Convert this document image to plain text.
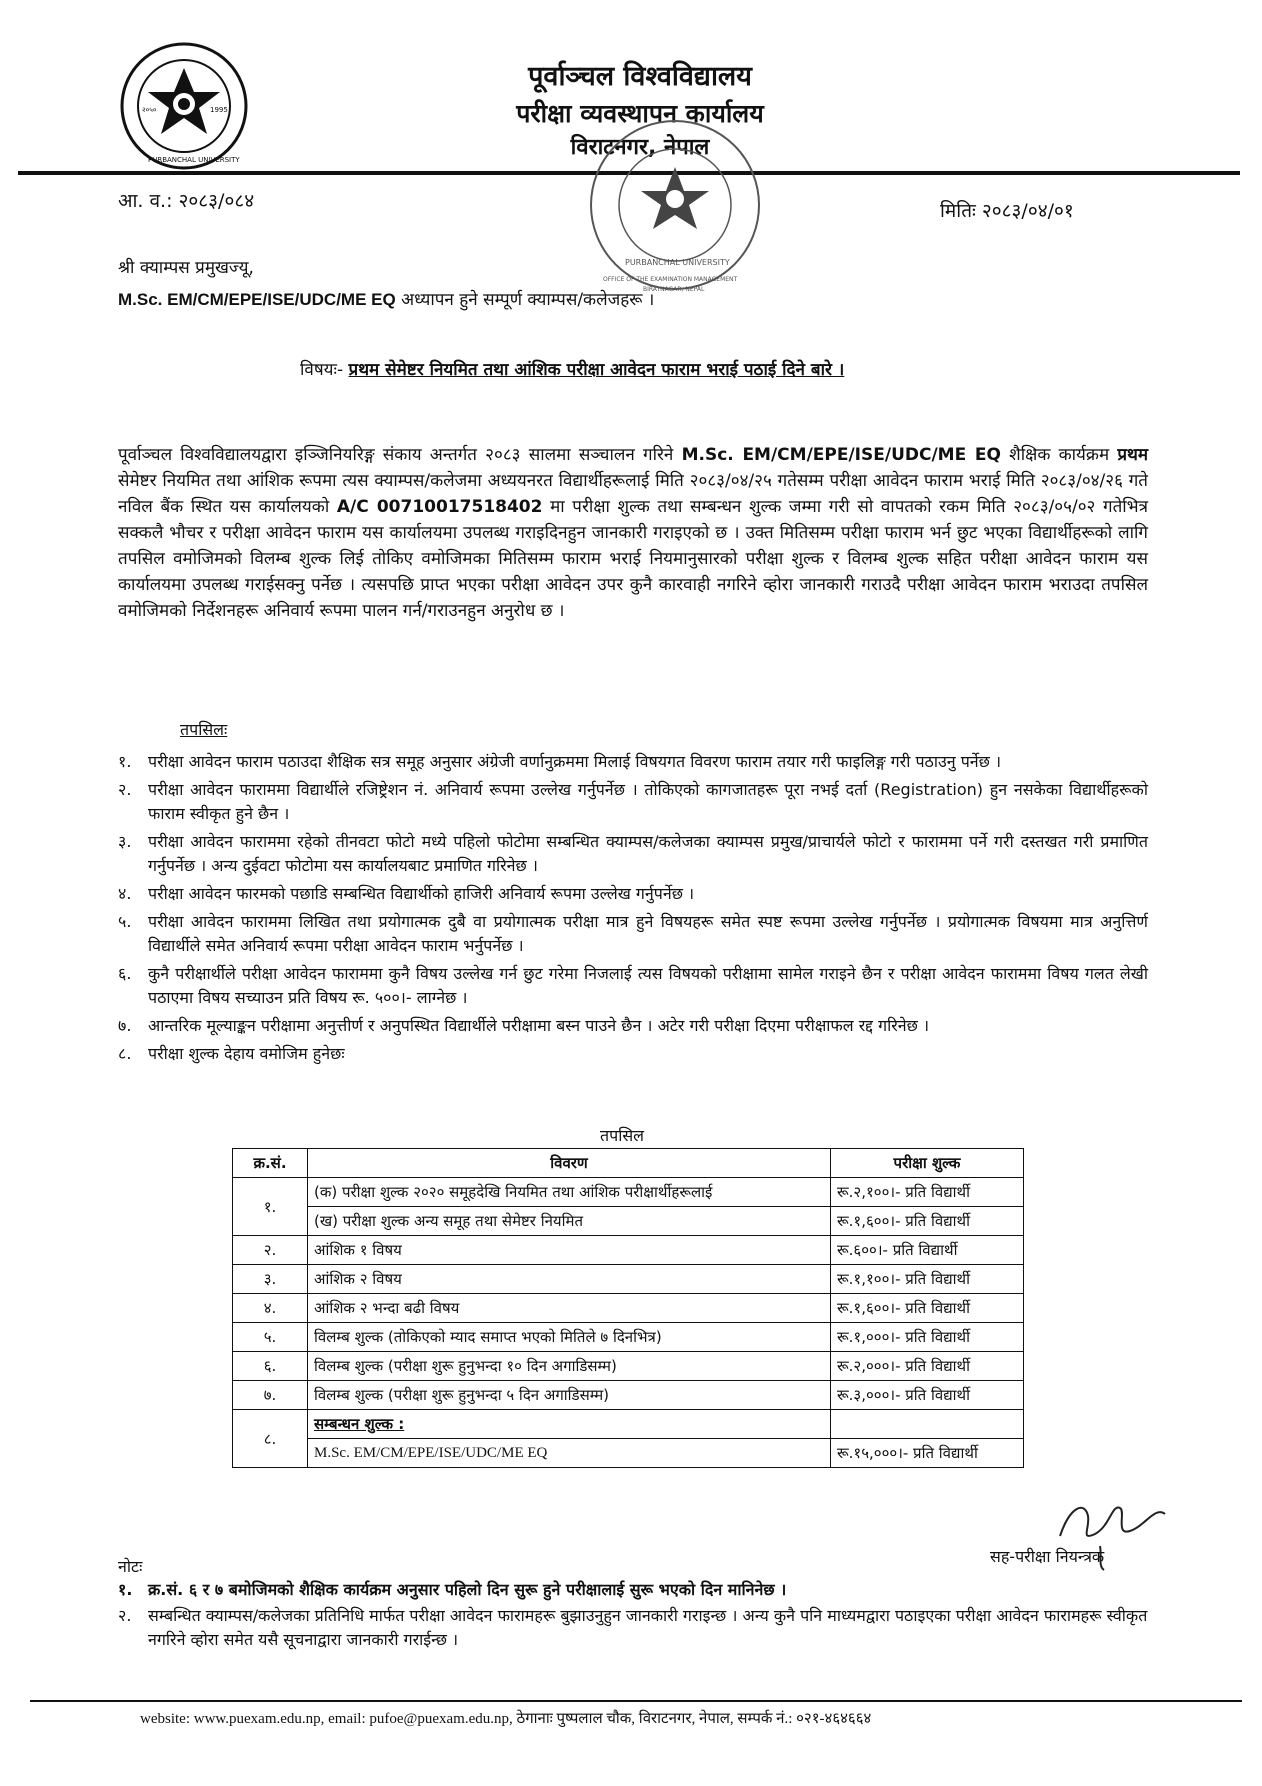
२०५०	1995
PURBANCHAL UNIVERSITY
पूर्वाञ्चल विश्वविद्यालय
परीक्षा व्यवस्थापन कार्यालय
विराटनगर, नेपाल
PURBANCHAL UNIVERSITY
OFFICE OF THE EXAMINATION MANAGEMENT
BIRATNAGAR, NEPAL
आ. व.: २०८३/०८४	मितिः २०८३/०४/०१
श्री क्याम्पस प्रमुखज्यू,
M.Sc. EM/CM/EPE/ISE/UDC/ME EQ अध्यापन हुने सम्पूर्ण क्याम्पस/कलेजहरू ।
विषयः- प्रथम सेमेष्टर नियमित तथा आंशिक परीक्षा आवेदन फाराम भराई पठाई दिने बारे ।
पूर्वाञ्चल विश्वविद्यालयद्वारा इञ्जिनियरिङ्ग संकाय अन्तर्गत २०८३ सालमा सञ्चालन गरिने M.Sc. EM/CM/EPE/ISE/UDC/ME EQ शैक्षिक कार्यक्रम प्रथम सेमेष्टर नियमित तथा आंशिक रूपमा त्यस क्याम्पस/कलेजमा अध्ययनरत विद्यार्थीहरूलाई मिति २०८३/०४/२५ गतेसम्म परीक्षा आवेदन फाराम भराई मिति २०८३/०४/२६ गते नविल बैंक स्थित यस कार्यालयको A/C 00710017518402 मा परीक्षा शुल्क तथा सम्बन्धन शुल्क जम्मा गरी सो वापतको रकम मिति २०८३/०५/०२ गतेभित्र सक्कलै भौचर र परीक्षा आवेदन फाराम यस कार्यालयमा उपलब्ध गराइदिनहुन जानकारी गराइएको छ । उक्त मितिसम्म परीक्षा फाराम भर्न छुट भएका विद्यार्थीहरूको लागि तपसिल वमोजिमको विलम्ब शुल्क लिई तोकिए वमोजिमका मितिसम्म फाराम भराई नियमानुसारको परीक्षा शुल्क र विलम्ब शुल्क सहित परीक्षा आवेदन फाराम यस कार्यालयमा उपलब्ध गराईसक्नु पर्नेछ । त्यसपछि प्राप्त भएका परीक्षा आवेदन उपर कुनै कारवाही नगरिने व्होरा जानकारी गराउदै परीक्षा आवेदन फाराम भराउदा तपसिल वमोजिमको निर्देशनहरू अनिवार्य रूपमा पालन गर्न/गराउनहुन अनुरोध छ ।
तपसिलः
१.	परीक्षा आवेदन फाराम पठाउदा शैक्षिक सत्र समूह अनुसार अंग्रेजी वर्णानुक्रममा मिलाई विषयगत विवरण फाराम तयार गरी फाइलिङ्ग गरी पठाउनु पर्नेछ ।
२.	परीक्षा आवेदन फाराममा विद्यार्थीले रजिष्ट्रेशन नं. अनिवार्य रूपमा उल्लेख गर्नुपर्नेछ । तोकिएको कागजातहरू पूरा नभई दर्ता (Registration) हुन नसकेका विद्यार्थीहरूको फाराम स्वीकृत हुने छैन ।
३.	परीक्षा आवेदन फाराममा रहेको तीनवटा फोटो मध्ये पहिलो फोटोमा सम्बन्धित क्याम्पस/कलेजका क्याम्पस प्रमुख/प्राचार्यले फोटो र फाराममा पर्ने गरी दस्तखत गरी प्रमाणित गर्नुपर्नेछ । अन्य दुईवटा फोटोमा यस कार्यालयबाट प्रमाणित गरिनेछ ।
४.	परीक्षा आवेदन फारमको पछाडि सम्बन्धित विद्यार्थीको हाजिरी अनिवार्य रूपमा उल्लेख गर्नुपर्नेछ ।
५.	परीक्षा आवेदन फाराममा लिखित तथा प्रयोगात्मक दुबै वा प्रयोगात्मक परीक्षा मात्र हुने विषयहरू समेत स्पष्ट रूपमा उल्लेख गर्नुपर्नेछ । प्रयोगात्मक विषयमा मात्र अनुत्तिर्ण विद्यार्थीले समेत अनिवार्य रूपमा परीक्षा आवेदन फाराम भर्नुपर्नेछ ।
६.	कुनै परीक्षार्थीले परीक्षा आवेदन फाराममा कुनै विषय उल्लेख गर्न छुट गरेमा निजलाई त्यस विषयको परीक्षामा सामेल गराइने छैन र परीक्षा आवेदन फाराममा विषय गलत लेखी पठाएमा विषय सच्याउन प्रति विषय रू. ५००।- लाग्नेछ ।
७.	आन्तरिक मूल्याङ्कन परीक्षामा अनुत्तीर्ण र अनुपस्थित विद्यार्थीले परीक्षामा बस्न पाउने छैन । अटेर गरी परीक्षा दिएमा परीक्षाफल रद्द गरिनेछ ।
८.	परीक्षा शुल्क देहाय वमोजिम हुनेछः
तपसिल
क्र.सं.	विवरण	परीक्षा शुल्क
१.	(क) परीक्षा शुल्क २०२० समूहदेखि नियमित तथा आंशिक परीक्षार्थीहरूलाई	रू.२,१००।- प्रति विद्यार्थी
	(ख) परीक्षा शुल्क अन्य समूह तथा सेमेष्टर नियमित	रू.१,६००।- प्रति विद्यार्थी
२.	आंशिक १ विषय	रू.६००।- प्रति विद्यार्थी
३.	आंशिक २ विषय	रू.१,१००।- प्रति विद्यार्थी
४.	आंशिक २ भन्दा बढी विषय	रू.१,६००।- प्रति विद्यार्थी
५.	विलम्ब शुल्क (तोकिएको म्याद समाप्त भएको मितिले ७ दिनभित्र)	रू.१,०००।- प्रति विद्यार्थी
६.	विलम्ब शुल्क (परीक्षा शुरू हुनुभन्दा १० दिन अगाडिसम्म)	रू.२,०००।- प्रति विद्यार्थी
७.	विलम्ब शुल्क (परीक्षा शुरू हुनुभन्दा ५ दिन अगाडिसम्म)	रू.३,०००।- प्रति विद्यार्थी
८.	सम्बन्धन शुल्क :	
	M.Sc. EM/CM/EPE/ISE/UDC/ME EQ	रू.१५,०००।- प्रति विद्यार्थी
सह-परीक्षा नियन्त्रक
नोटः
१. क्र.सं. ६ र ७ बमोजिमको शैक्षिक कार्यक्रम अनुसार पहिलो दिन सुरू हुने परीक्षालाई सुरू भएको दिन मानिनेछ ।
२.	सम्बन्धित क्याम्पस/कलेजका प्रतिनिधि मार्फत परीक्षा आवेदन फारामहरू बुझाउनुहुन जानकारी गराइन्छ । अन्य कुनै पनि माध्यमद्वारा पठाइएका परीक्षा आवेदन फारामहरू स्वीकृत नगरिने व्होरा समेत यसै सूचनाद्वारा जानकारी गराईन्छ ।
website: www.puexam.edu.np, email: pufoe@puexam.edu.np, ठेगानाः पुष्पलाल चौक, विराटनगर, नेपाल, सम्पर्क नं.: ०२१-४६४६६४
